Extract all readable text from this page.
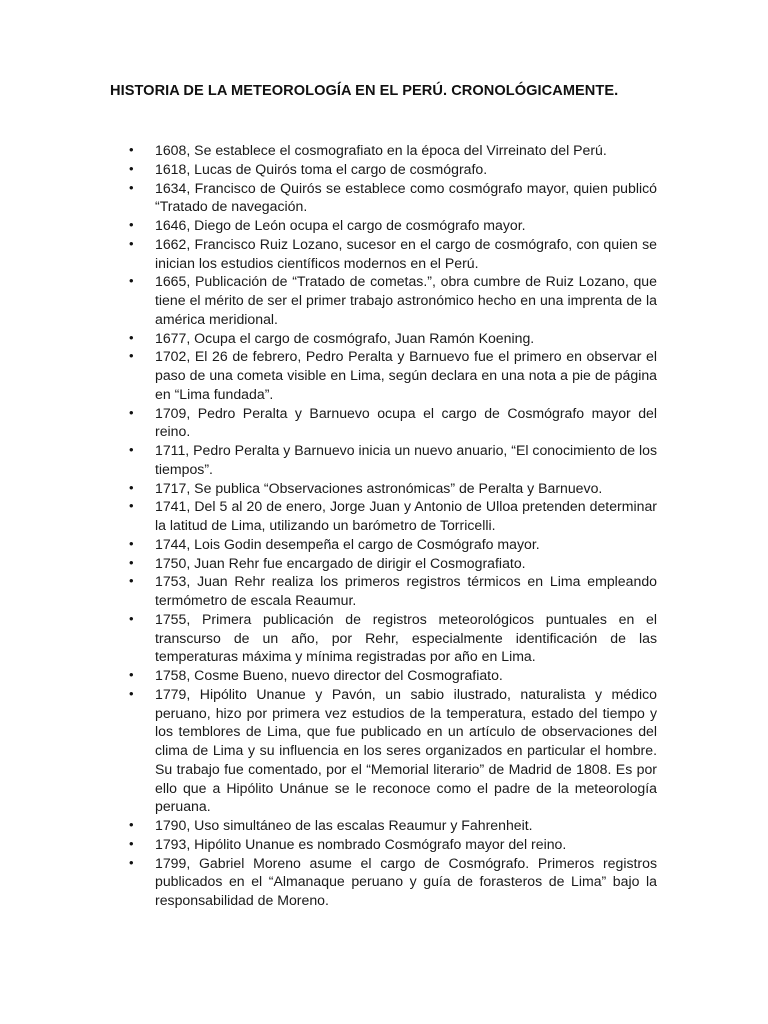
HISTORIA DE LA METEOROLOGÍA EN EL PERÚ. CRONOLÓGICAMENTE.
• 1608, Se establece el cosmografiato en la época del Virreinato del Perú.
• 1618, Lucas de Quirós toma el cargo de cosmógrafo.
• 1634, Francisco de Quirós se establece como cosmógrafo mayor, quien publicó “Tratado de navegación.
• 1646, Diego de León ocupa el cargo de cosmógrafo mayor.
• 1662, Francisco Ruiz Lozano, sucesor en el cargo de cosmógrafo, con quien se inician los estudios científicos modernos en el Perú.
• 1665, Publicación de “Tratado de cometas.”, obra cumbre de Ruiz Lozano, que tiene el mérito de ser el primer trabajo astronómico hecho en una imprenta de la américa meridional.
• 1677, Ocupa el cargo de cosmógrafo, Juan Ramón Koening.
• 1702, El 26 de febrero, Pedro Peralta y Barnuevo fue el primero en observar el paso de una cometa visible en Lima, según declara en una nota a pie de página en “Lima fundada”.
• 1709, Pedro Peralta y Barnuevo ocupa el cargo de Cosmógrafo mayor del reino.
• 1711, Pedro Peralta y Barnuevo inicia un nuevo anuario, “El conocimiento de los tiempos”.
• 1717, Se publica “Observaciones astronómicas” de Peralta y Barnuevo.
• 1741, Del 5 al 20 de enero, Jorge Juan y Antonio de Ulloa pretenden determinar la latitud de Lima, utilizando un barómetro de Torricelli.
• 1744, Lois Godin desempeña el cargo de Cosmógrafo mayor.
• 1750, Juan Rehr fue encargado de dirigir el Cosmografiato.
• 1753, Juan Rehr realiza los primeros registros térmicos en Lima empleando termómetro de escala Reaumur.
• 1755, Primera publicación de registros meteorológicos puntuales en el transcurso de un año, por Rehr, especialmente identificación de las temperaturas máxima y mínima registradas por año en Lima.
• 1758, Cosme Bueno, nuevo director del Cosmografiato.
• 1779, Hipólito Unanue y Pavón, un sabio ilustrado, naturalista y médico peruano, hizo por primera vez estudios de la temperatura, estado del tiempo y los temblores de Lima, que fue publicado en un artículo de observaciones del clima de Lima y su influencia en los seres organizados en particular el hombre. Su trabajo fue comentado, por el “Memorial literario” de Madrid de 1808. Es por ello que a Hipólito Unánue se le reconoce como el padre de la meteorología peruana.
• 1790, Uso simultáneo de las escalas Reaumur y Fahrenheit.
• 1793, Hipólito Unanue es nombrado Cosmógrafo mayor del reino.
• 1799, Gabriel Moreno asume el cargo de Cosmógrafo. Primeros registros publicados en el “Almanaque peruano y guía de forasteros de Lima” bajo la responsabilidad de Moreno.
